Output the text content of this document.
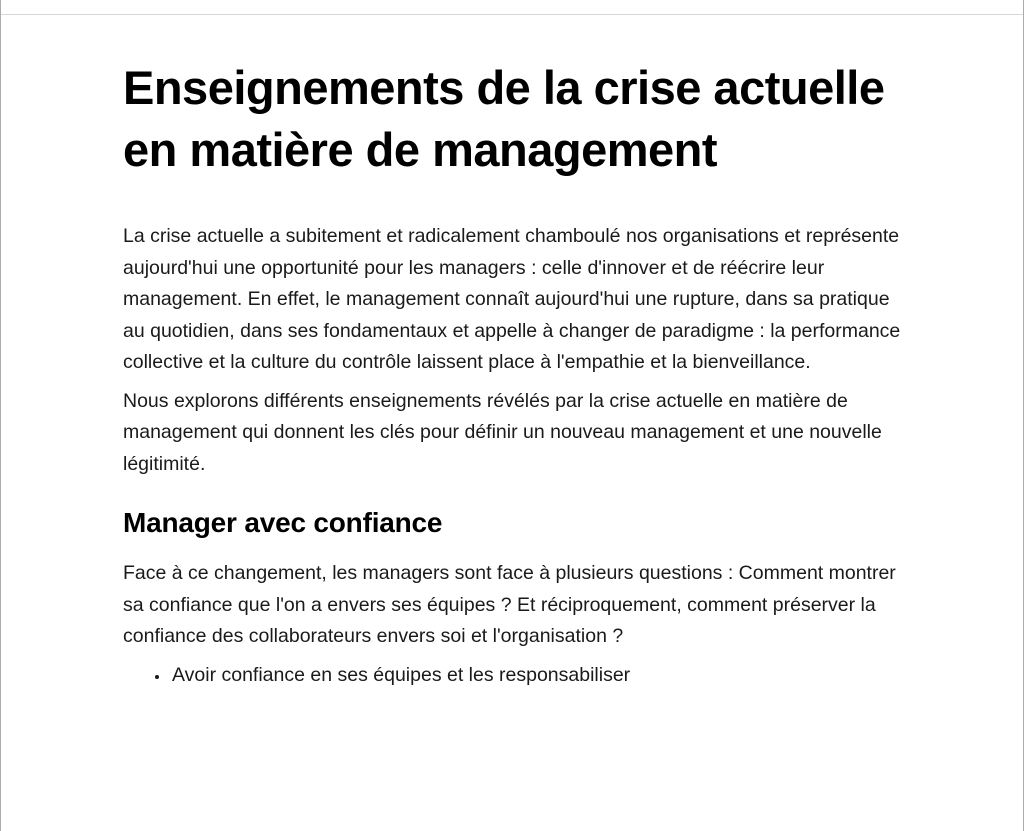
Enseignements de la crise actuelle en matière de management

La crise actuelle a subitement et radicalement chamboulé nos organisations et représente aujourd'hui une opportunité pour les managers : celle d'innover et de réécrire leur management. En effet, le management connaît aujourd'hui une rupture, dans sa pratique au quotidien, dans ses fondamentaux et appelle à changer de paradigme : la performance collective et la culture du contrôle laissent place à l'empathie et la bienveillance.

Nous explorons différents enseignements révélés par la crise actuelle en matière de management qui donnent les clés pour définir un nouveau management et une nouvelle légitimité.

Manager avec confiance

Face à ce changement, les managers sont face à plusieurs questions : Comment montrer sa confiance que l'on a envers ses équipes ? Et réciproquement, comment préserver la confiance des collaborateurs envers soi et l'organisation ?

• Avoir confiance en ses équipes et les responsabiliser
